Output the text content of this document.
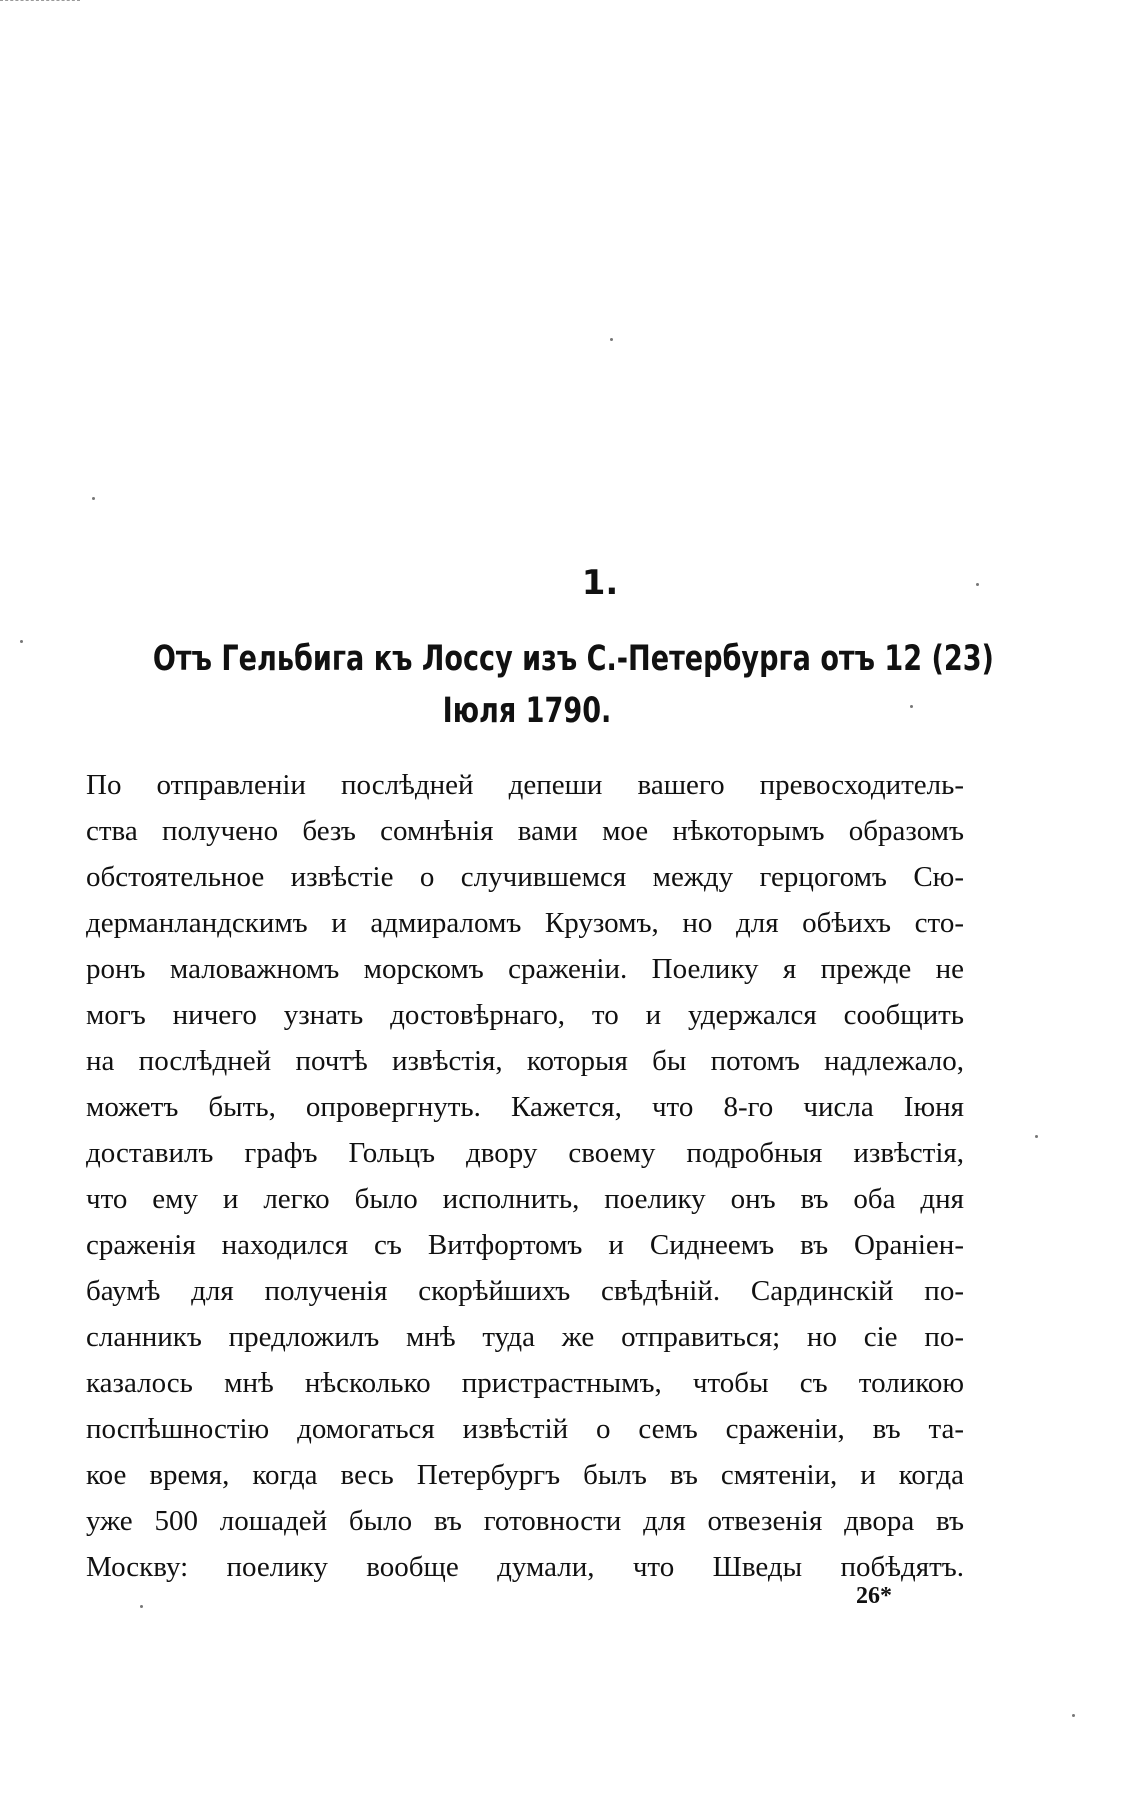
1.
Отъ Гельбига къ Лоссу изъ С.-Петербурга отъ 12 (23)
Іюля 1790.
По отправленіи послѣдней депеши вашего превосходитель-
ства получено безъ сомнѣнія вами мое нѣкоторымъ образомъ
обстоятельное извѣстіе о случившемся между герцогомъ Сю-
дерманландскимъ и адмираломъ Крузомъ, но для обѣихъ сто-
ронъ маловажномъ морскомъ сраженіи. Поелику я прежде не
могъ ничего узнать достовѣрнаго, то и удержался сообщить
на послѣдней почтѣ извѣстія, которыя бы потомъ надлежало,
можетъ быть, опровергнуть. Кажется, что 8-го числа Іюня
доставилъ графъ Гольцъ двору своему подробныя извѣстія,
что ему и легко было исполнить, поелику онъ въ оба дня
сраженія находился съ Витфортомъ и Сиднеемъ въ Ораніен-
баумѣ для полученія скорѣйшихъ свѣдѣній. Сардинскій по-
сланникъ предложилъ мнѣ туда же отправиться; но сіе по-
казалось мнѣ нѣсколько пристрастнымъ, чтобы съ толикою
поспѣшностію домогаться извѣстій о семъ сраженіи, въ та-
кое время, когда весь Петербургъ былъ въ смятеніи, и когда
уже 500 лошадей было въ готовности для отвезенія двора въ
Москву: поелику вообще думали, что Шведы побѣдятъ.
26*
